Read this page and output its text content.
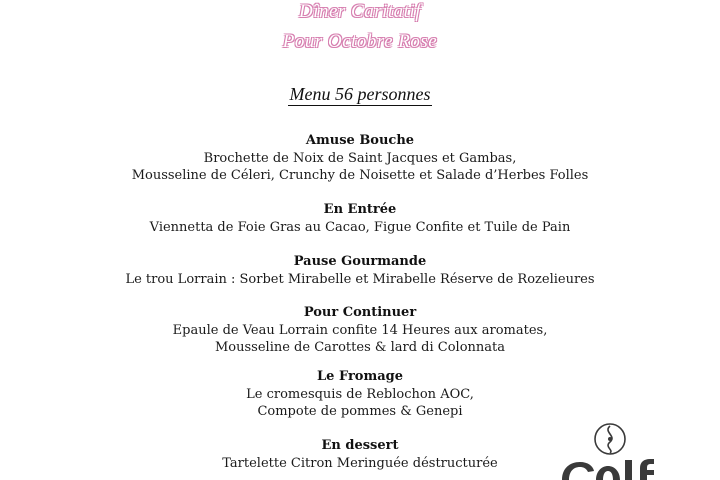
Dîner Caritatif
Pour Octobre Rose
Menu 56 personnes
Amuse Bouche
Brochette de Noix de Saint Jacques et Gambas,
Mousseline de Céleri, Crunchy de Noisette et Salade d’Herbes Folles
En Entrée
Viennetta de Foie Gras au Cacao, Figue Confite et Tuile de Pain
Pause Gourmande
Le trou Lorrain : Sorbet Mirabelle et Mirabelle Réserve de Rozelieures
Pour Continuer
Epaule de Veau Lorrain confite 14 Heures aux aromates,
Mousseline de Carottes & lard di Colonnata
Le Fromage
Le cromesquis de Reblochon AOC,
Compote de pommes & Genepi
En dessert
Tartelette Citron Meringuée déstructurée
